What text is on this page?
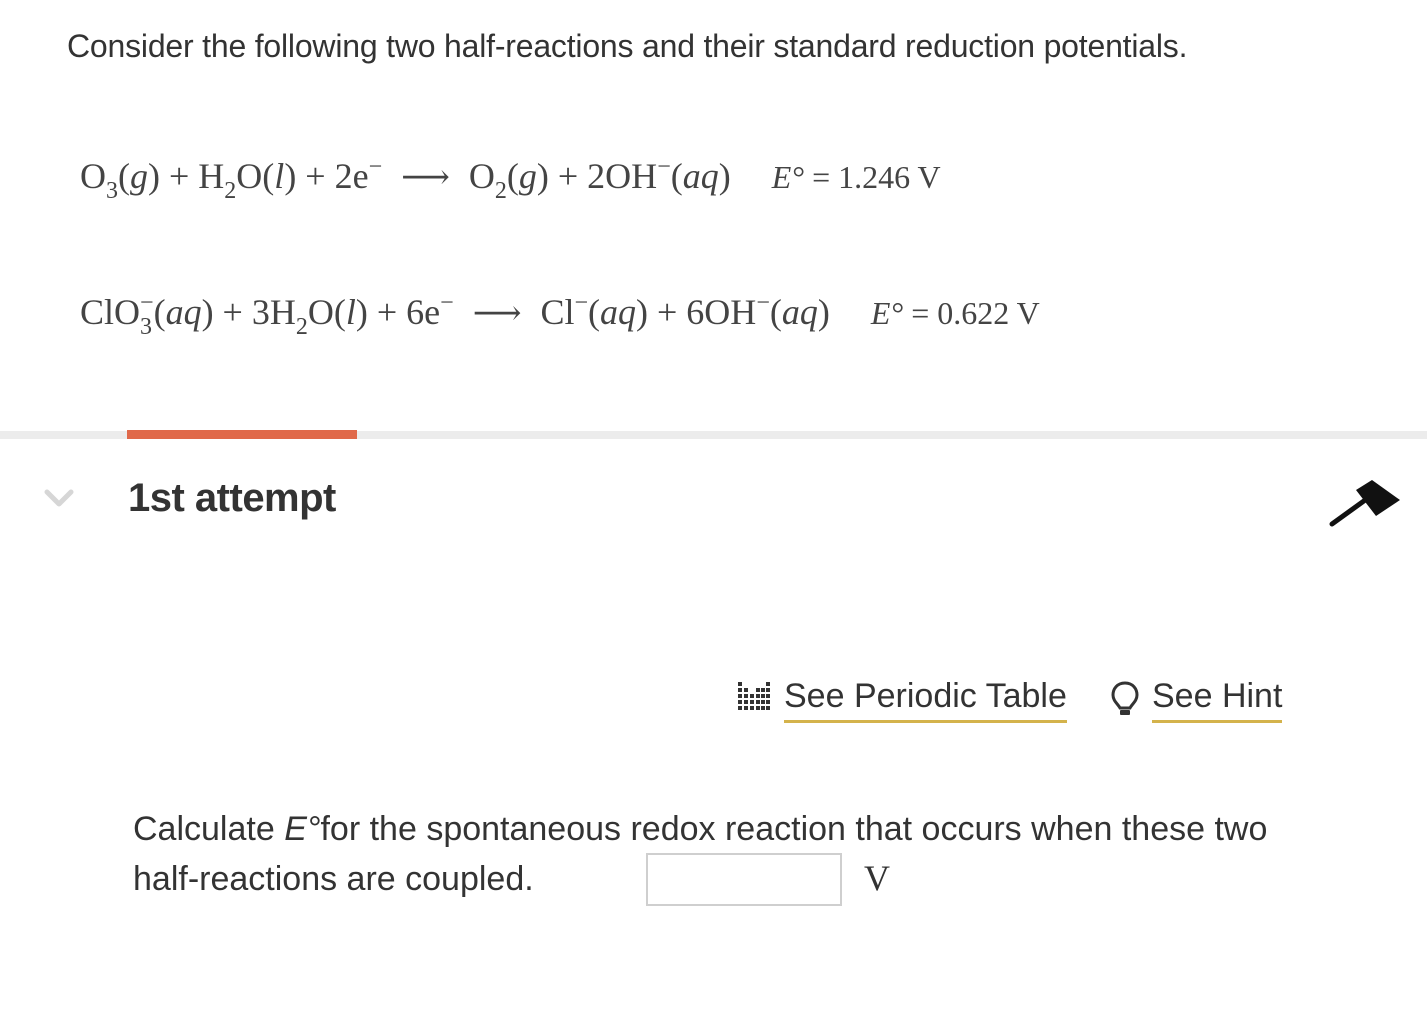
Consider the following two half-reactions and their standard reduction potentials.
$O_3(g) + H_2O(l) + 2e^-$ ⟶ $O_2(g) + 2OH^-(aq) E^\circ = 1.246$ V
$ClO_3^-(aq) + 3H_2O(l) + 6e^-$ ⟶ Cl−(aq) + 6OH−(aq) E° = 0.622 V
1st attempt
See Periodic Table	See Hint
Calculate E°for the spontaneous redox reaction that occurs when these two half-reactions are coupled.	V
